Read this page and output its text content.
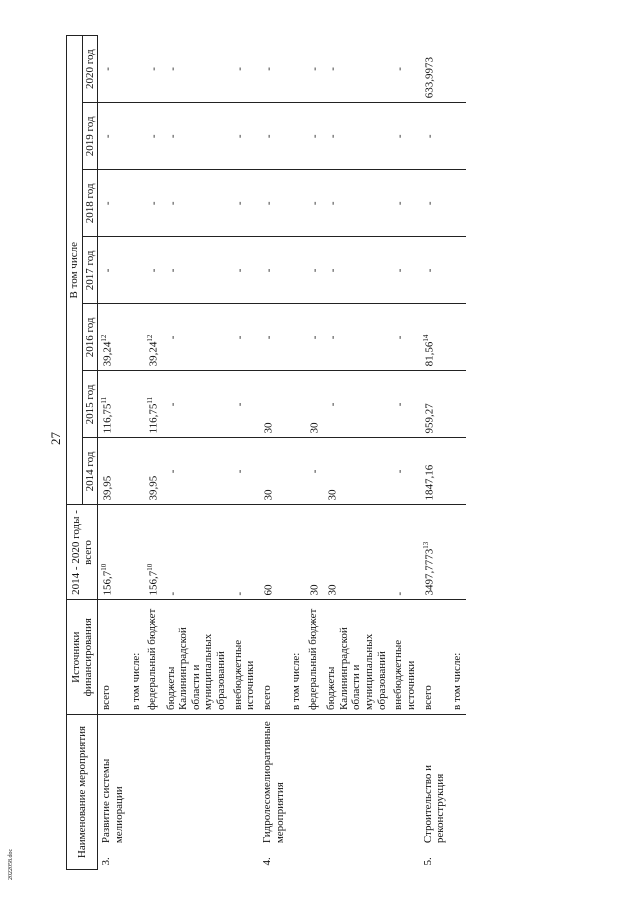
27
2022058.doc
Наименование мероприятия		Источники финансирования	2014 - 2020 годы - всего	В том числе						
				2014 год	2015 год	2016 год	2017 год	2018 год	2019 год	2020 год
3.	Развитие системы мелиорации	всего	156,7$^{10}$	39,95	116,75$^{11}$	39,24$^{12}$	-	-	-	-
		в том числе:								
		федеральный бюджет	156,7$^{10}$	39,95	116,75$^{11}$	39,24$^{12}$	-	-	-	-
		бюджеты Калининградской области и муниципальных образований	-	-	-	-	-	-	-	-
		внебюджетные источники	-	-	-	-	-	-	-	-
4.	Гидролесомелиоративные мероприятия	всего	60	30	30	-	-	-	-	-
		в том числе:								
		федеральный бюджет	30	-	30	-	-	-	-	-
		бюджеты Калининградской области и муниципальных образований	30	30	-	-	-	-	-	-
		внебюджетные источники	-	-	-	-	-	-	-	-
5.	Строительство и реконструкция	всего	3497,7773$^{13}$	1847,16	959,27	81,56$^{14}$	-	-	-	633,9973
		в том числе:								
